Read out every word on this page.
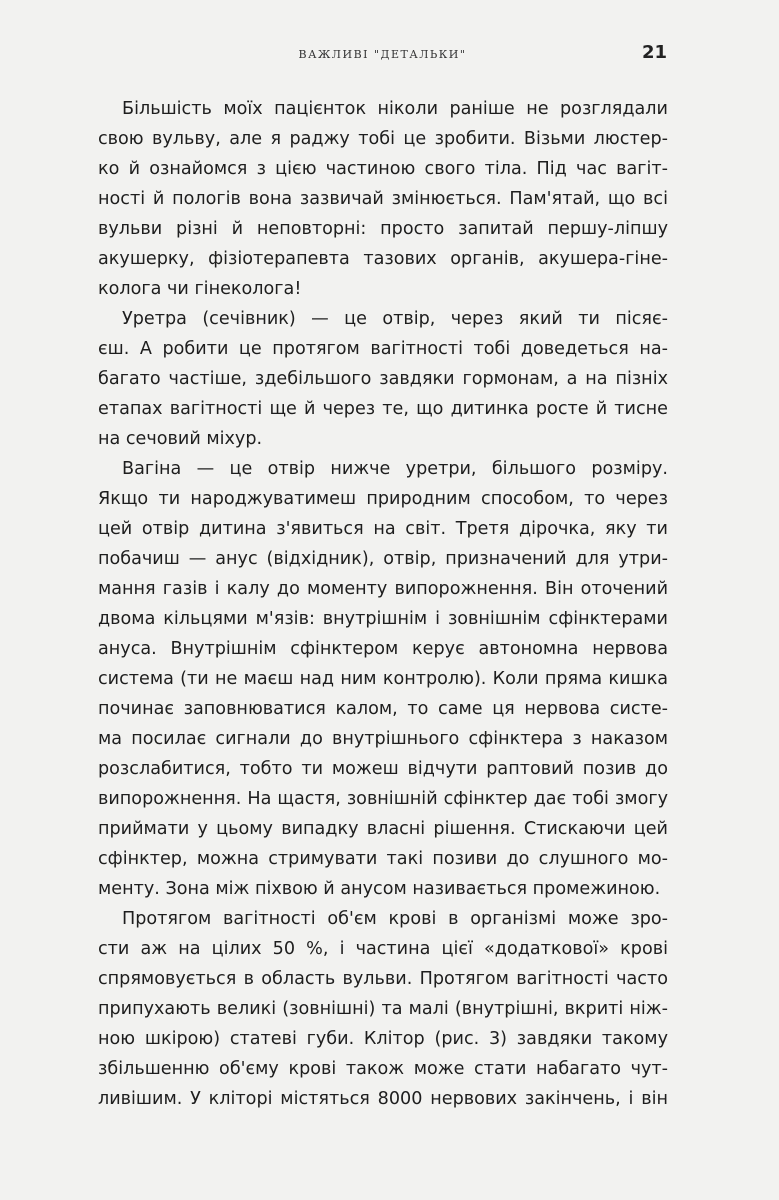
ВАЖЛИВІ "ДЕТАЛЬКИ"	21

Більшість моїх пацієнток ніколи раніше не розглядали
свою вульву, але я раджу тобі це зробити. Візьми люстер-
ко й ознайомся з цією частиною свого тіла. Під час вагіт-
ності й пологів вона зазвичай змінюється. Пам'ятай, що всі
вульви різні й неповторні: просто запитай першу-ліпшу
акушерку, фізіотерапевта тазових органів, акушера-гіне-
колога чи гінеколога!

Уретра (сечівник) — це отвір, через який ти пісяє-
єш. А робити це протягом вагітності тобі доведеться на-
багато частіше, здебільшого завдяки гормонам, а на пізніх
етапах вагітності ще й через те, що дитинка росте й тисне
на сечовий міхур.

Вагіна — це отвір нижче уретри, більшого розміру.
Якщо ти народжуватимеш природним способом, то через
цей отвір дитина з'явиться на світ. Третя дірочка, яку ти
побачиш — анус (відхідник), отвір, призначений для утри-
мання газів і калу до моменту випорожнення. Він оточений
двома кільцями м'язів: внутрішнім і зовнішнім сфінктерами
ануса. Внутрішнім сфінктером керує автономна нервова
система (ти не маєш над ним контролю). Коли пряма кишка
починає заповнюватися калом, то саме ця нервова систе-
ма посилає сигнали до внутрішнього сфінктера з наказом
розслабитися, тобто ти можеш відчути раптовий позив до
випорожнення. На щастя, зовнішній сфінктер дає тобі змогу
приймати у цьому випадку власні рішення. Стискаючи цей
сфінктер, можна стримувати такі позиви до слушного мо-
менту. Зона між піхвою й анусом називається промежиною.

Протягом вагітності об'єм крові в організмі може зро-
сти аж на цілих 50 %, і частина цієї «додаткової» крові
спрямовується в область вульви. Протягом вагітності часто
припухають великі (зовнішні) та малі (внутрішні, вкриті ніж-
ною шкірою) статеві губи. Клітор (рис. 3) завдяки такому
збільшенню об'єму крові також може стати набагато чут-
ливішим. У кліторі містяться 8000 нервових закінчень, і він
